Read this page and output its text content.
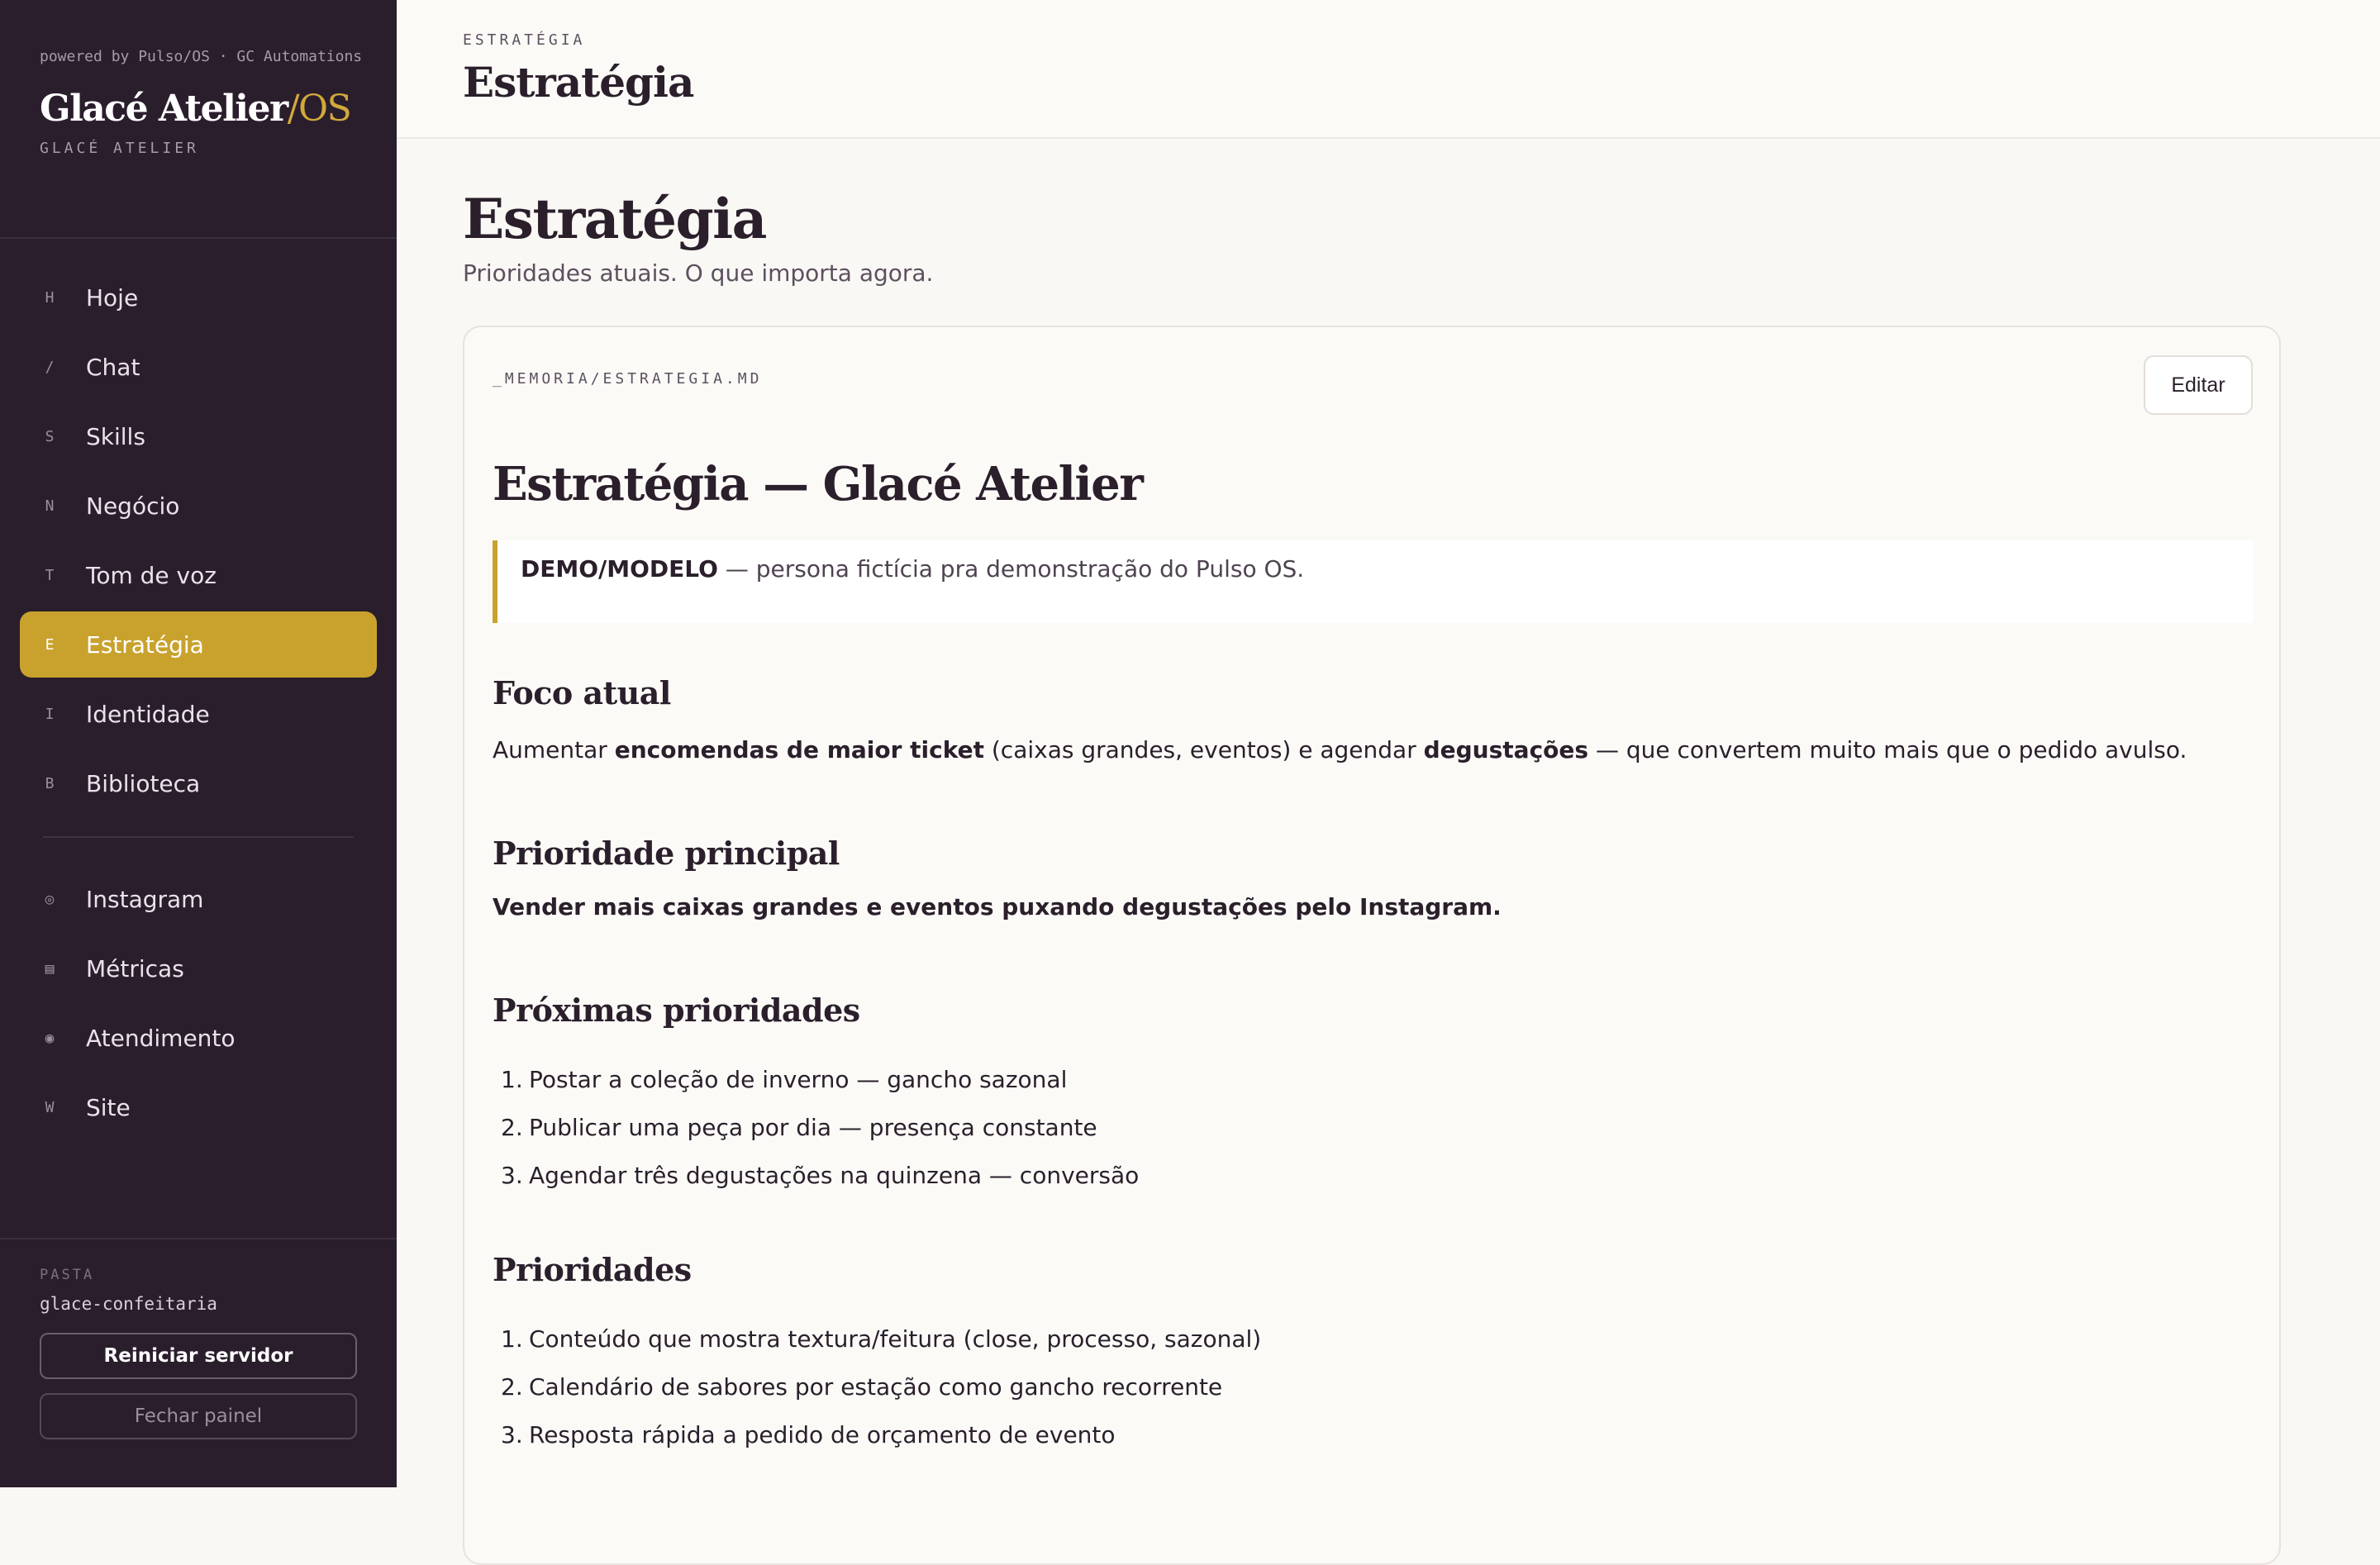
powered by Pulso/OS · GC Automations
Glacé Atelier/OS
GLACÉ ATELIER
H	Hoje
/	Chat
S	Skills
N	Negócio
T	Tom de voz
E	Estratégia
I	Identidade
B	Biblioteca
◎	Instagram
▤	Métricas
◉	Atendimento
W	Site
PASTA
glace-confeitaria
Reiniciar servidor
Fechar painel
ESTRATÉGIA
Estratégia
Estratégia
Prioridades atuais. O que importa agora.
_MEMORIA/ESTRATEGIA.MD	Editar
Estratégia — Glacé Atelier
DEMO/MODELO — persona fictícia pra demonstração do Pulso OS.
Foco atual
Aumentar encomendas de maior ticket (caixas grandes, eventos) e agendar degustações — que convertem muito mais que o pedido avulso.
Prioridade principal
Vender mais caixas grandes e eventos puxando degustações pelo Instagram.
Próximas prioridades
1. Postar a coleção de inverno — gancho sazonal
2. Publicar uma peça por dia — presença constante
3. Agendar três degustações na quinzena — conversão
Prioridades
1. Conteúdo que mostra textura/feitura (close, processo, sazonal)
2. Calendário de sabores por estação como gancho recorrente
3. Resposta rápida a pedido de orçamento de evento
